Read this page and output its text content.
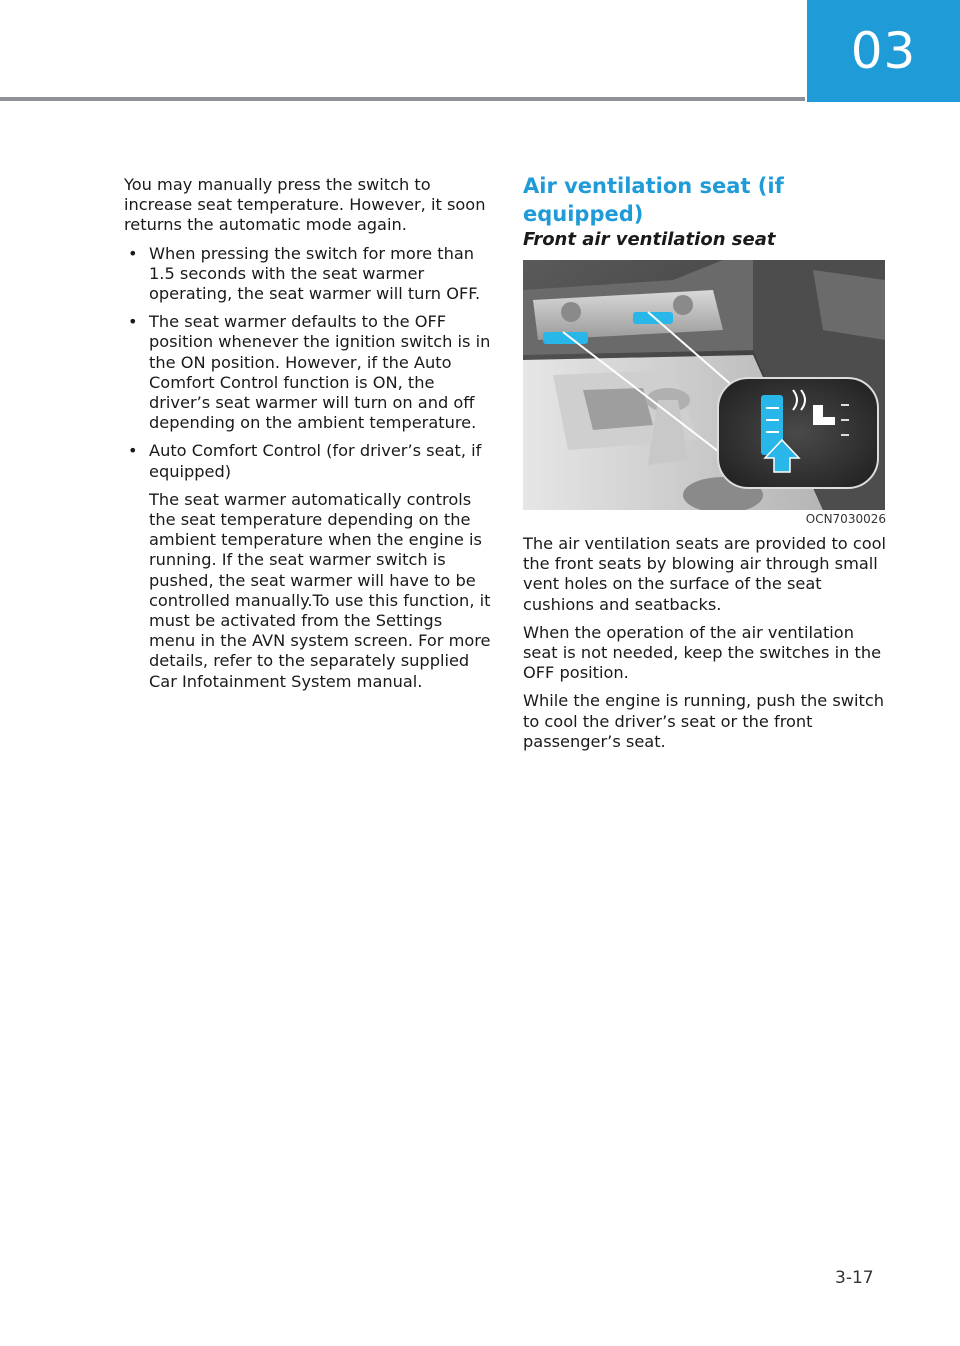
03

You may manually press the switch to increase seat temperature. However, it soon returns the automatic mode again.

• When pressing the switch for more than 1.5 seconds with the seat warmer operating, the seat warmer will turn OFF.
• The seat warmer defaults to the OFF position whenever the ignition switch is in the ON position. However, if the Auto Comfort Control function is ON, the driver’s seat warmer will turn on and off depending on the ambient temperature.
• Auto Comfort Control (for driver’s seat, if equipped)

The seat warmer automatically controls the seat temperature depending on the ambient temperature when the engine is running. If the seat warmer switch is pushed, the seat warmer will have to be controlled manually.To use this function, it must be activated from the Settings menu in the AVN system screen. For more details, refer to the separately supplied Car Infotainment System manual.

Air ventilation seat (if equipped)
Front air ventilation seat

OCN7030026

The air ventilation seats are provided to cool the front seats by blowing air through small vent holes on the surface of the seat cushions and seatbacks.

When the operation of the air ventilation seat is not needed, keep the switches in the OFF position.

While the engine is running, push the switch to cool the driver’s seat or the front passenger’s seat.

3-17
